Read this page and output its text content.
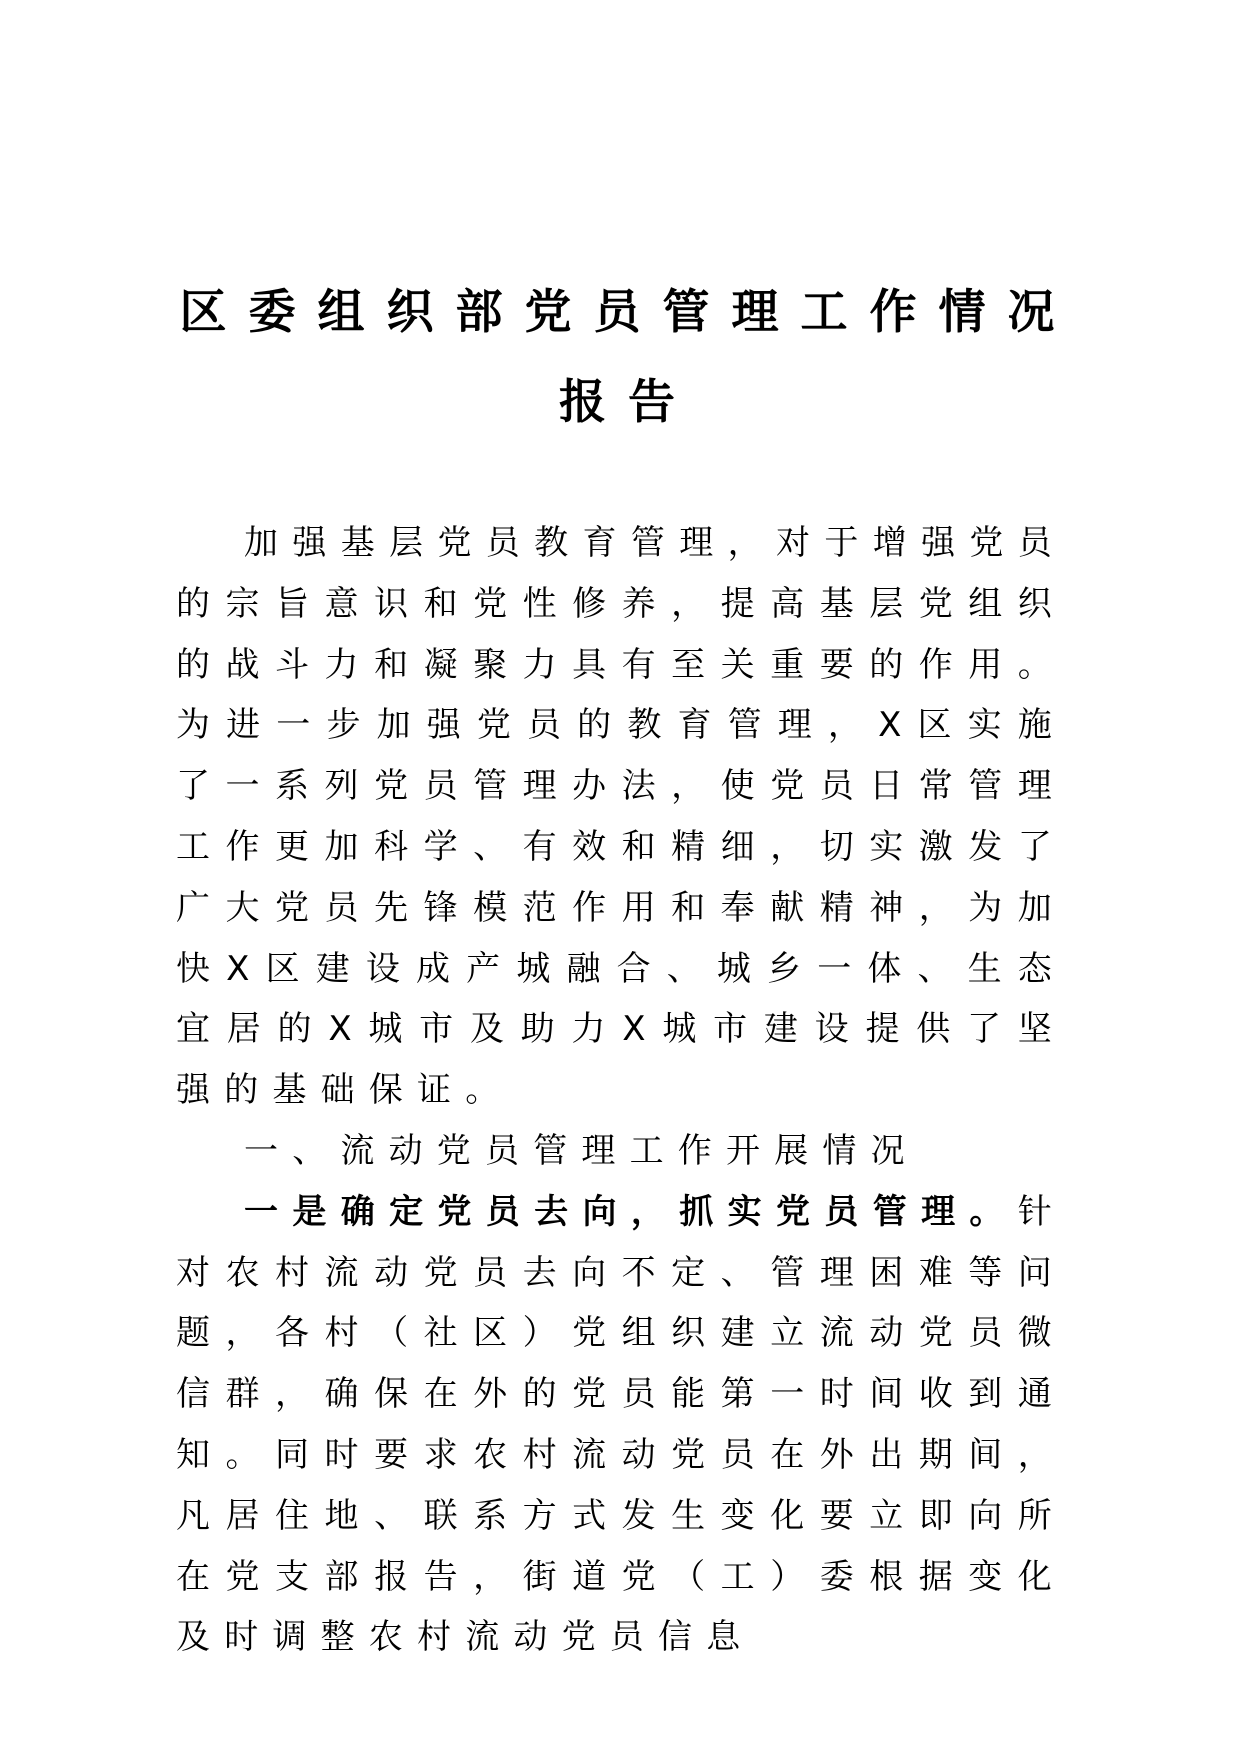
区委组织部党员管理工作情况
报告

加强基层党员教育管理，对于增强党员的宗旨意识和党性修养，提高基层党组织的战斗力和凝聚力具有至关重要的作用。为进一步加强党员的教育管理，X区实施了一系列党员管理办法，使党员日常管理工作更加科学、有效和精细，切实激发了广大党员先锋模范作用和奉献精神，为加快X区建设成产城融合、城乡一体、生态宜居的X城市及助力X城市建设提供了坚强的基础保证。

一、流动党员管理工作开展情况

一是确定党员去向，抓实党员管理。针对农村流动党员去向不定、管理困难等问题，各村（社区）党组织建立流动党员微信群，确保在外的党员能第一时间收到通知。同时要求农村流动党员在外出期间，凡居住地、联系方式发生变化要立即向所在党支部报告，街道党（工）委根据变化及时调整农村流动党员信息
